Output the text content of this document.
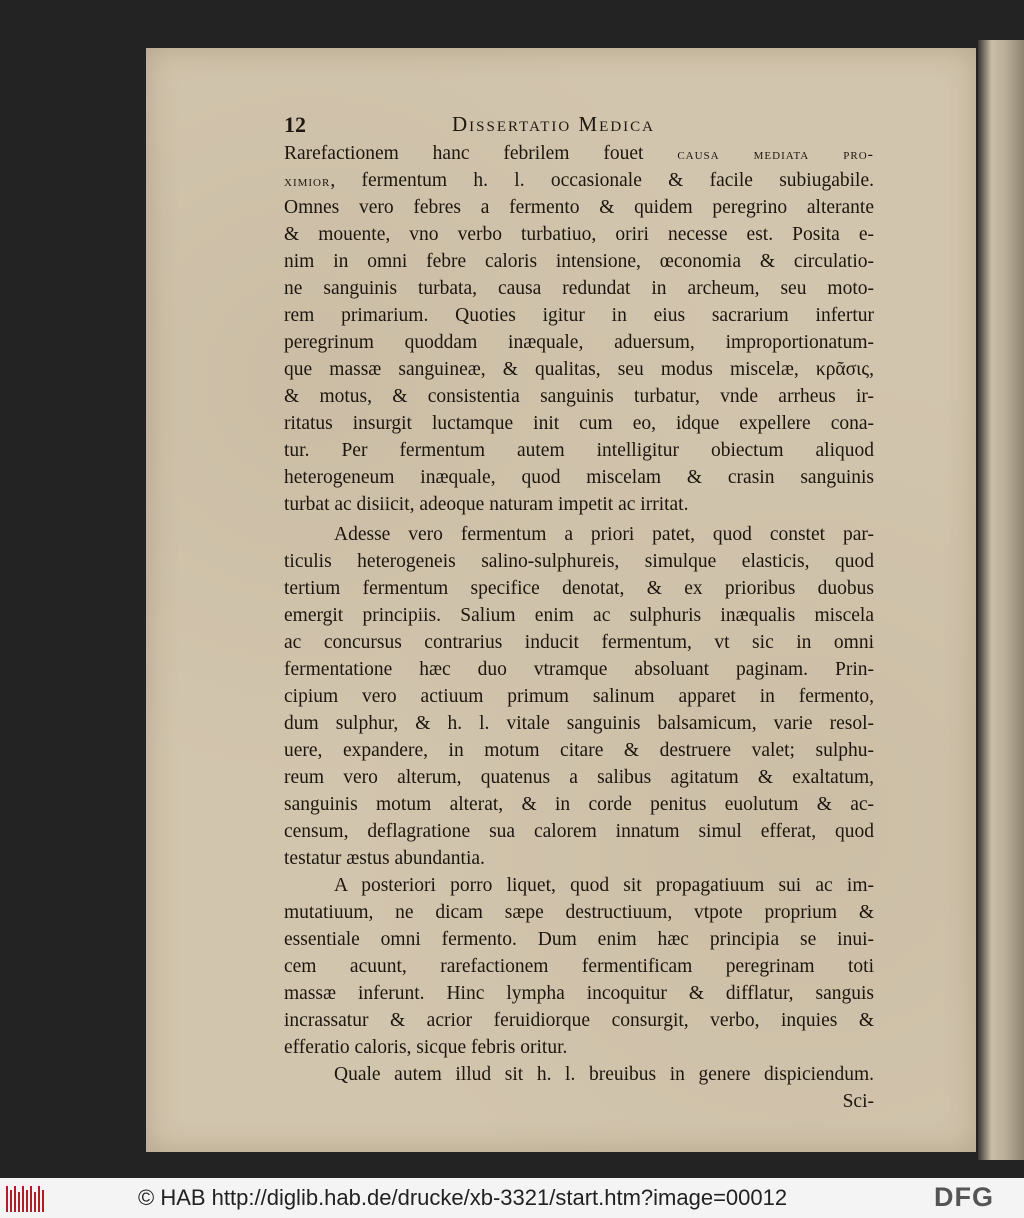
12	Dissertatio Medica
Rarefactionem hanc febrilem fouet causa mediata pro-
ximior, fermentum h. l. occasionale & facile subiugabile.
Omnes vero febres a fermento & quidem peregrino alterante
& mouente, vno verbo turbatiuo, oriri necesse est. Posita e-
nim in omni febre caloris intensione, œconomia & circulatio-
ne sanguinis turbata, causa redundat in archeum, seu moto-
rem primarium. Quoties igitur in eius sacrarium infertur
peregrinum quoddam inæquale, aduersum, improportionatum-
que massæ sanguineæ, & qualitas, seu modus miscelæ, κρᾶσις,
& motus, & consistentia sanguinis turbatur, vnde arrheus ir-
ritatus insurgit luctamque init cum eo, idque expellere cona-
tur. Per fermentum autem intelligitur obiectum aliquod
heterogeneum inæquale, quod miscelam & crasin sanguinis
turbat ac disiicit, adeoque naturam impetit ac irritat.
Adesse vero fermentum a priori patet, quod constet par-
ticulis heterogeneis salino-sulphureis, simulque elasticis, quod
tertium fermentum specifice denotat, & ex prioribus duobus
emergit principiis. Salium enim ac sulphuris inæqualis miscela
ac concursus contrarius inducit fermentum, vt sic in omni
fermentatione hæc duo vtramque absoluant paginam. Prin-
cipium vero actiuum primum salinum apparet in fermento,
dum sulphur, & h. l. vitale sanguinis balsamicum, varie resol-
uere, expandere, in motum citare & destruere valet; sulphu-
reum vero alterum, quatenus a salibus agitatum & exaltatum,
sanguinis motum alterat, & in corde penitus euolutum & ac-
censum, deflagratione sua calorem innatum simul efferat, quod
testatur æstus abundantia.
A posteriori porro liquet, quod sit propagatiuum sui ac im-
mutatiuum, ne dicam sæpe destructiuum, vtpote proprium &
essentiale omni fermento. Dum enim hæc principia se inui-
cem acuunt, rarefactionem fermentificam peregrinam toti
massæ inferunt. Hinc lympha incoquitur & difflatur, sanguis
incrassatur & acrior feruidiorque consurgit, verbo, inquies &
efferatio caloris, sicque febris oritur.
Quale autem illud sit h. l. breuibus in genere dispiciendum.
Sci-
© HAB http://diglib.hab.de/drucke/xb-3321/start.htm?image=00012	DFG
